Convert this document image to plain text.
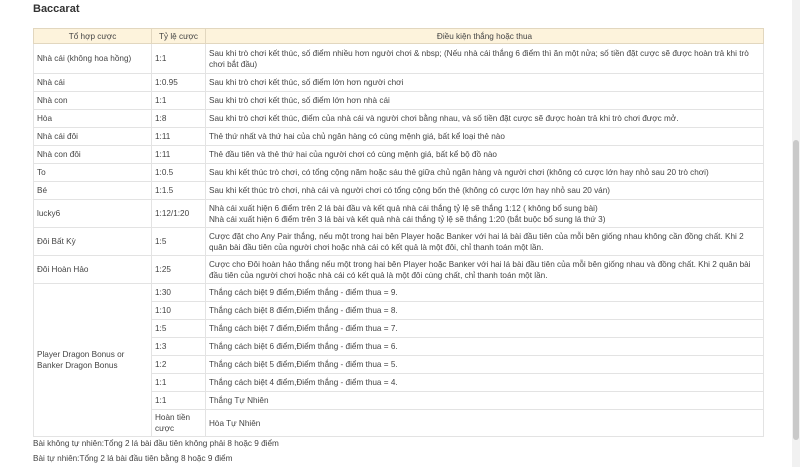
Baccarat
Tổ hợp cược	Tỷ lệ cược	Điều kiện thắng hoặc thua
Nhà cái (không hoa hồng)	1:1	Sau khi trò chơi kết thúc, số điểm nhiều hơn người chơi & nbsp; (Nếu nhà cái thắng 6 điểm thì ăn một nửa; số tiền đặt cược sẽ được hoàn trả khi trò chơi bắt đầu)
Nhà cái	1:0.95	Sau khi trò chơi kết thúc, số điểm lớn hơn người chơi
Nhà con	1:1	Sau khi trò chơi kết thúc, số điểm lớn hơn nhà cái
Hòa	1:8	Sau khi trò chơi kết thúc, điểm của nhà cái và người chơi bằng nhau, và số tiền đặt cược sẽ được hoàn trả khi trò chơi được mở.
Nhà cái đôi	1:11	Thẻ thứ nhất và thứ hai của chủ ngân hàng có cùng mệnh giá, bất kể loại thẻ nào
Nhà con đôi	1:11	Thẻ đầu tiên và thẻ thứ hai của người chơi có cùng mệnh giá, bất kể bộ đồ nào
To	1:0.5	Sau khi kết thúc trò chơi, có tổng cộng năm hoặc sáu thẻ giữa chủ ngân hàng và người chơi (không có cược lớn hay nhỏ sau 20 trò chơi)
Bé	1:1.5	Sau khi kết thúc trò chơi, nhà cái và người chơi có tổng cộng bốn thẻ (không có cược lớn hay nhỏ sau 20 ván)
lucky6	1:12/1:20	Nhà cái xuất hiện 6 điểm trên 2 lá bài đầu và kết quả nhà cái thắng tỷ lệ sẽ thắng 1:12 ( không bổ sung bài)
Nhà cái xuất hiện 6 điểm trên 3 lá bài và kết quả nhà cái thắng tỷ lệ sẽ thắng 1:20 (bắt buộc bổ sung lá thứ 3)

Đôi Bất Kỳ	1:5	Cược đặt cho Any Pair thắng, nếu một trong hai bên Player hoặc Banker với hai lá bài đầu tiên của mỗi bên giống nhau không cần đồng chất. Khi 2 quân bài đầu tiên của người chơi hoặc nhà cái có kết quả là một đôi, chỉ thanh toán một lần.
Đôi Hoàn Hảo	1:25	Cược cho Đôi hoàn hảo thắng nếu một trong hai bên Player hoặc Banker với hai lá bài đầu tiên của mỗi bên giống nhau và đồng chất. Khi 2 quân bài đầu tiên của người chơi hoặc nhà cái có kết quả là một đôi cùng chất, chỉ thanh toán một lần.
Player Dragon Bonus or Banker Dragon Bonus	1:30	Thắng cách biệt 9 điểm,Điểm thắng - điểm thua = 9.
	1:10	Thắng cách biệt 8 điểm,Điểm thắng - điểm thua = 8.
	1:5	Thắng cách biệt 7 điểm,Điểm thắng - điểm thua = 7.
	1:3	Thắng cách biệt 6 điểm,Điểm thắng - điểm thua = 6.
	1:2	Thắng cách biệt 5 điểm,Điểm thắng - điểm thua = 5.
	1:1	Thắng cách biệt 4 điểm,Điểm thắng - điểm thua = 4.
	1:1	Thắng Tự Nhiên
	Hoàn tiền cược	Hòa Tự Nhiên
Bài không tự nhiên:Tổng 2 lá bài đầu tiên không phải 8 hoặc 9 điểm
Bài tự nhiên:Tổng 2 lá bài đầu tiên bằng 8 hoặc 9 điểm
